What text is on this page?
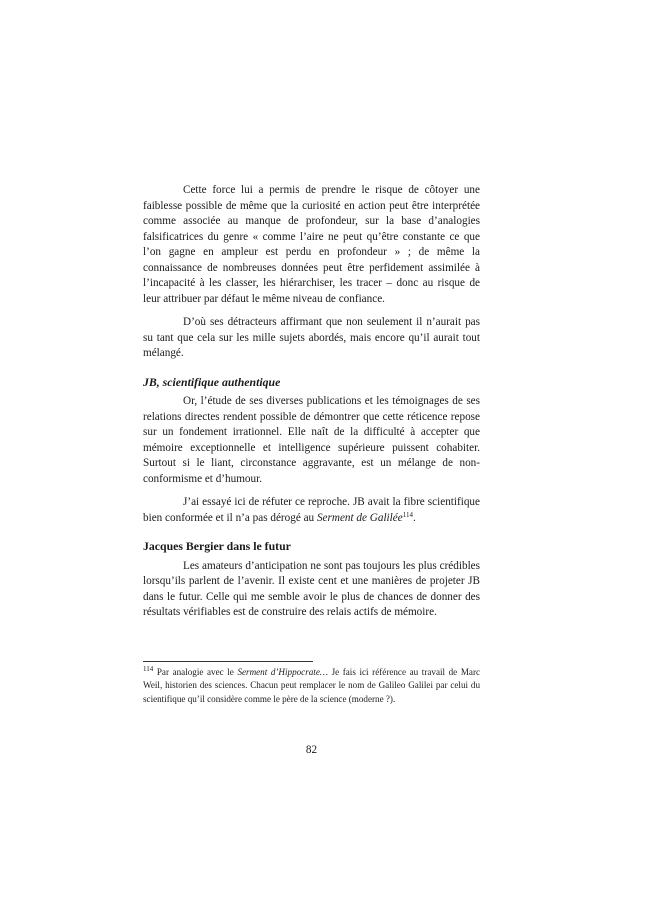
Cette force lui a permis de prendre le risque de côtoyer une faiblesse possible de même que la curiosité en action peut être interprétée comme associée au manque de profondeur, sur la base d’analogies falsificatrices du genre « comme l’aire ne peut qu’être constante ce que l’on gagne en ampleur est perdu en profondeur » ; de même la connaissance de nombreuses données peut être perfidement assimilée à l’incapacité à les classer, les hiérarchiser, les tracer – donc au risque de leur attribuer par défaut le même niveau de confiance.

D’où ses détracteurs affirmant que non seulement il n’aurait pas su tant que cela sur les mille sujets abordés, mais encore qu’il aurait tout mélangé.

JB, scientifique authentique

Or, l’étude de ses diverses publications et les témoignages de ses relations directes rendent possible de démontrer que cette réticence repose sur un fondement irrationnel. Elle naît de la difficulté à accepter que mémoire exceptionnelle et intelligence supérieure puissent cohabiter. Surtout si le liant, circonstance aggravante, est un mélange de non-conformisme et d’humour.

J’ai essayé ici de réfuter ce reproche. JB avait la fibre scientifique bien conformée et il n’a pas dérogé au Serment de Galilée$^{114}$.

Jacques Bergier dans le futur

Les amateurs d’anticipation ne sont pas toujours les plus crédibles lorsqu’ils parlent de l’avenir. Il existe cent et une manières de projeter JB dans le futur. Celle qui me semble avoir le plus de chances de donner des résultats vérifiables est de construire des relais actifs de mémoire.

$^{114}$ Par analogie avec le Serment d’Hippocrate… Je fais ici référence au travail de Marc Weil, historien des sciences. Chacun peut remplacer le nom de Galileo Galilei par celui du scientifique qu’il considère comme le père de la science (moderne ?).
82
